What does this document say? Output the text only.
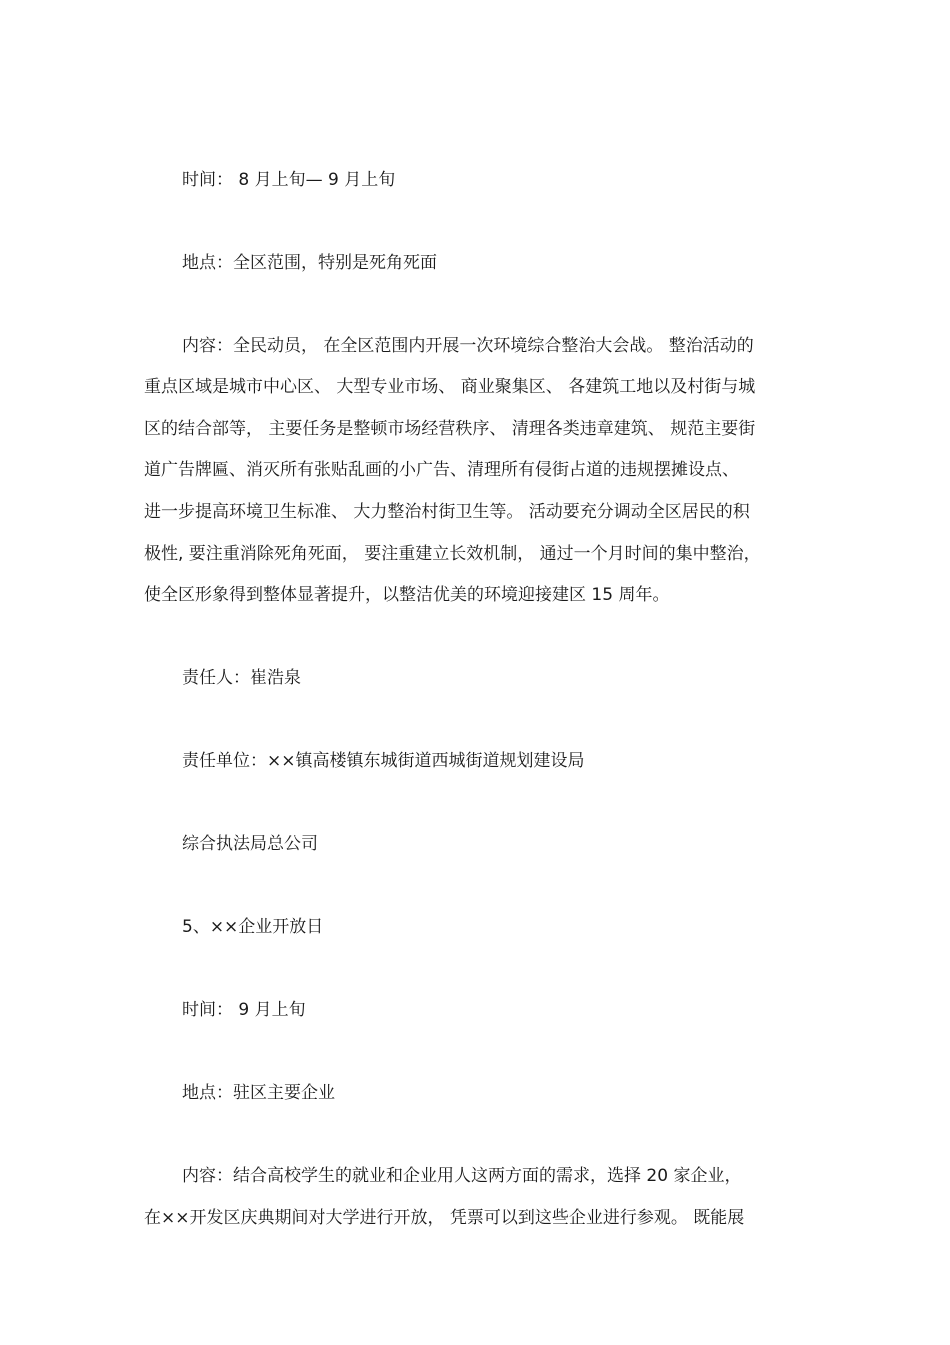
时间： 8 月上旬— 9 月上旬
地点：全区范围，特别是死角死面
内容：全民动员， 在全区范围内开展一次环境综合整治大会战。 整治活动的
重点区域是城市中心区、 大型专业市场、 商业聚集区、 各建筑工地以及村街与城
区的结合部等， 主要任务是整顿市场经营秩序、 清理各类违章建筑、 规范主要街
道广告牌匾、消灭所有张贴乱画的小广告、清理所有侵街占道的违规摆摊设点、
进一步提高环境卫生标准、 大力整治村街卫生等。 活动要充分调动全区居民的积
极性, 要注重消除死角死面， 要注重建立长效机制， 通过一个月时间的集中整治，
使全区形象得到整体显著提升，以整洁优美的环境迎接建区 15 周年。
责任人：崔浩泉
责任单位：××镇高楼镇东城街道西城街道规划建设局
综合执法局总公司
5、××企业开放日
时间： 9 月上旬
地点：驻区主要企业
内容：结合高校学生的就业和企业用人这两方面的需求，选择 20 家企业，
在××开发区庆典期间对大学进行开放， 凭票可以到这些企业进行参观。 既能展
